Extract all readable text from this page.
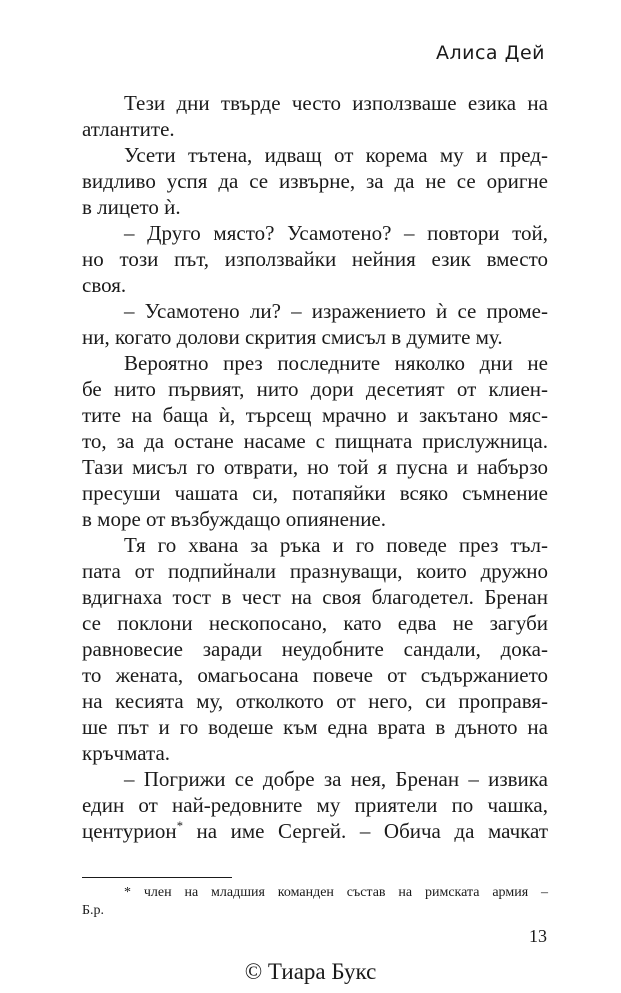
Алиса Дей
Тези дни твърде често използваше езика на
атлантите.
Усети тътена, идващ от корема му и пред-
видливо успя да се извърне, за да не се оригне
в лицето ѝ.
– Друго място? Усамотено? – повтори той,
но този път, използвайки нейния език вместо
своя.
– Усамотено ли? – изражението ѝ се проме-
ни, когато долови скрития смисъл в думите му.
Вероятно през последните няколко дни не
бе нито първият, нито дори десетият от клиен-
тите на баща ѝ, търсещ мрачно и закътано мяс-
то, за да остане насаме с пищната прислужница.
Тази мисъл го отврати, но той я пусна и набързо
пресуши чашата си, потапяйки всяко съмнение
в море от възбуждащо опиянение.
Тя го хвана за ръка и го поведе през тъл-
пата от подпийнали празнуващи, които дружно
вдигнаха тост в чест на своя благодетел. Бренан
се поклони нескопосано, като едва не загуби
равновесие заради неудобните сандали, дока-
то жената, омагьосана повече от съдържанието
на кесията му, отколкото от него, си проправя-
ше път и го водеше към една врата в дъното на
кръчмата.
– Погрижи се добре за нея, Бренан – извика
един от най-редовните му приятели по чашка,
центурион* на име Сергей. – Обича да мачкат
* член на младшия команден състав на римската армия –
Б.р.
13
© Тиара Букс
